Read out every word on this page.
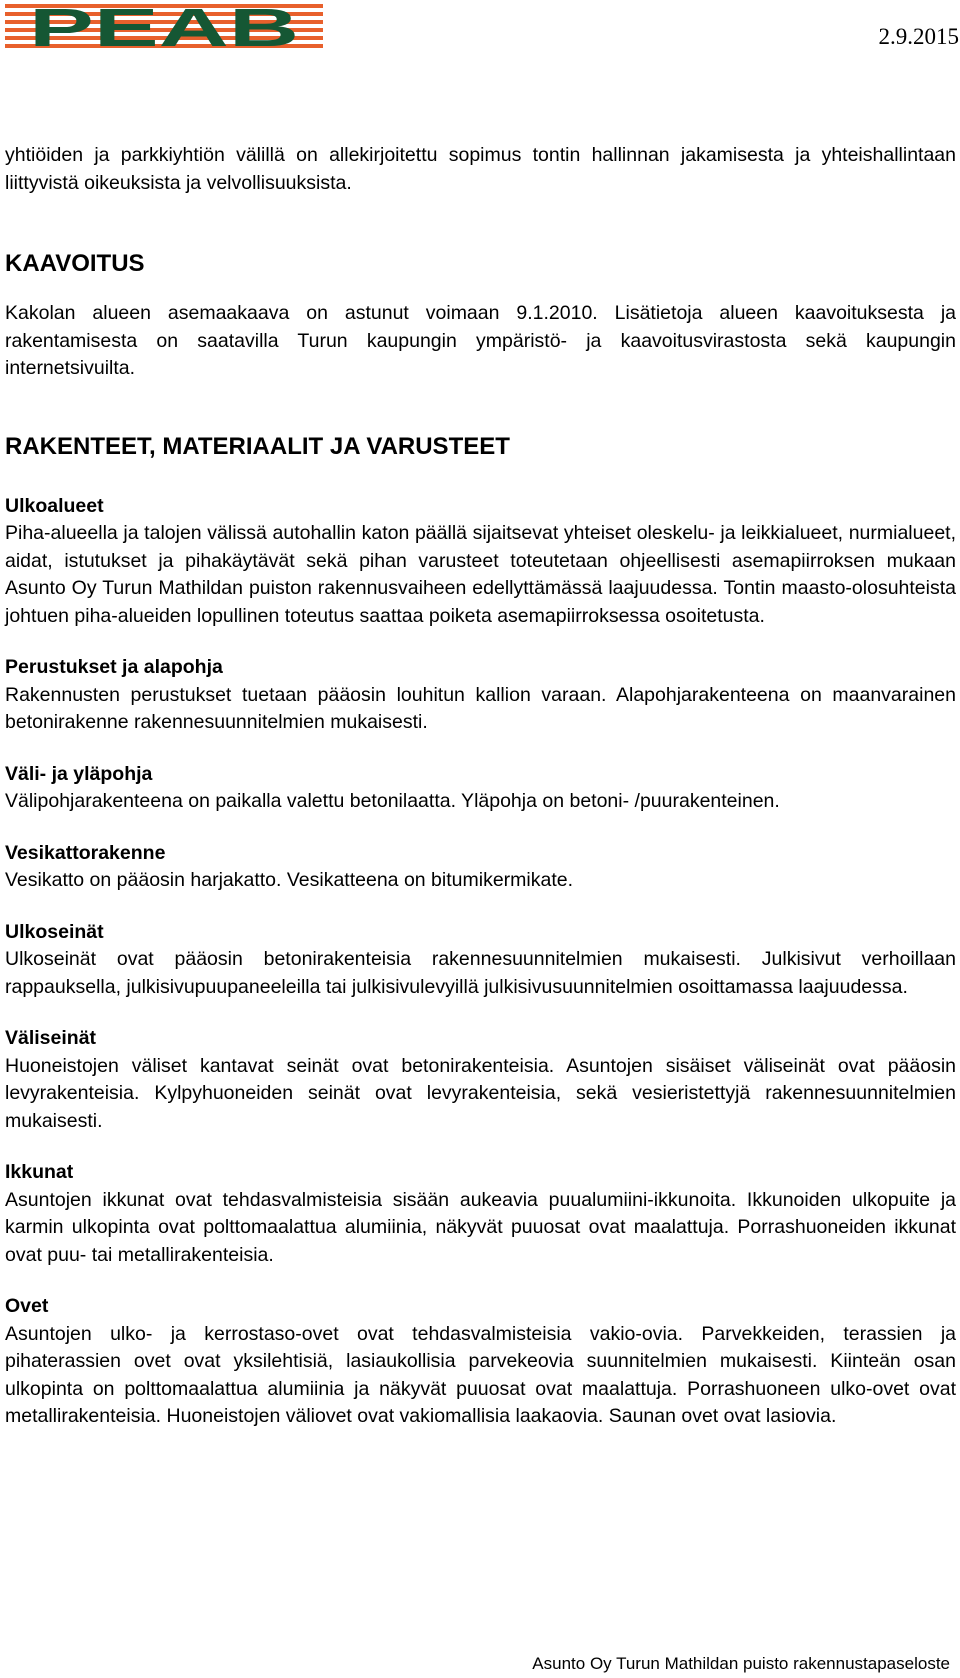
PEAB	2.9.2015

yhtiöiden ja parkkiyhtiön välillä on allekirjoitettu sopimus tontin hallinnan jakamisesta ja yhteishallintaan liittyvistä oikeuksista ja velvollisuuksista.

KAAVOITUS

Kakolan alueen asemaakaava on astunut voimaan 9.1.2010. Lisätietoja alueen kaavoituksesta ja rakentamisesta on saatavilla Turun kaupungin ympäristö- ja kaavoitusvirastosta sekä kaupungin internetsivuilta.

RAKENTEET, MATERIAALIT JA VARUSTEET
Ulkoalueet

Piha-alueella ja talojen välissä autohallin katon päällä sijaitsevat yhteiset oleskelu- ja leikkialueet, nurmialueet, aidat, istutukset ja pihakäytävät sekä pihan varusteet toteutetaan ohjeellisesti asemapiirroksen mukaan Asunto Oy Turun Mathildan puiston rakennusvaiheen edellyttämässä laajuudessa. Tontin maasto-olosuhteista johtuen piha-alueiden lopullinen toteutus saattaa poiketa asemapiirroksessa osoitetusta.

Perustukset ja alapohja

Rakennusten perustukset tuetaan pääosin louhitun kallion varaan. Alapohjarakenteena on maanvarainen betonirakenne rakennesuunnitelmien mukaisesti.

Väli- ja yläpohja

Välipohjarakenteena on paikalla valettu betonilaatta. Yläpohja on betoni- /puurakenteinen.

Vesikattorakenne

Vesikatto on pääosin harjakatto. Vesikatteena on bitumikermikate.

Ulkoseinät

Ulkoseinät ovat pääosin betonirakenteisia rakennesuunnitelmien mukaisesti. Julkisivut verhoillaan rappauksella, julkisivupuupaneeleilla tai julkisivulevyillä julkisivusuunnitelmien osoittamassa laajuudessa.

Väliseinät

Huoneistojen väliset kantavat seinät ovat betonirakenteisia. Asuntojen sisäiset väliseinät ovat pääosin levyrakenteisia. Kylpyhuoneiden seinät ovat levyrakenteisia, sekä vesieristettyjä rakennesuunnitelmien mukaisesti.

Ikkunat

Asuntojen ikkunat ovat tehdasvalmisteisia sisään aukeavia puualumiini-ikkunoita. Ikkunoiden ulkopuite ja karmin ulkopinta ovat polttomaalattua alumiinia, näkyvät puuosat ovat maalattuja. Porrashuoneiden ikkunat ovat puu- tai metallirakenteisia.

Ovet

Asuntojen ulko- ja kerrostaso-ovet ovat tehdasvalmisteisia vakio-ovia. Parvekkeiden, terassien ja pihaterassien ovet ovat yksilehtisiä, lasiaukollisia parvekeovia suunnitelmien mukaisesti. Kiinteän osan ulkopinta on polttomaalattua alumiinia ja näkyvät puuosat ovat maalattuja. Porrashuoneen ulko-ovet ovat metallirakenteisia. Huoneistojen väliovet ovat vakiomallisia laakaovia. Saunan ovet ovat lasiovia.

Asunto Oy Turun Mathildan puisto rakennustapaseloste
